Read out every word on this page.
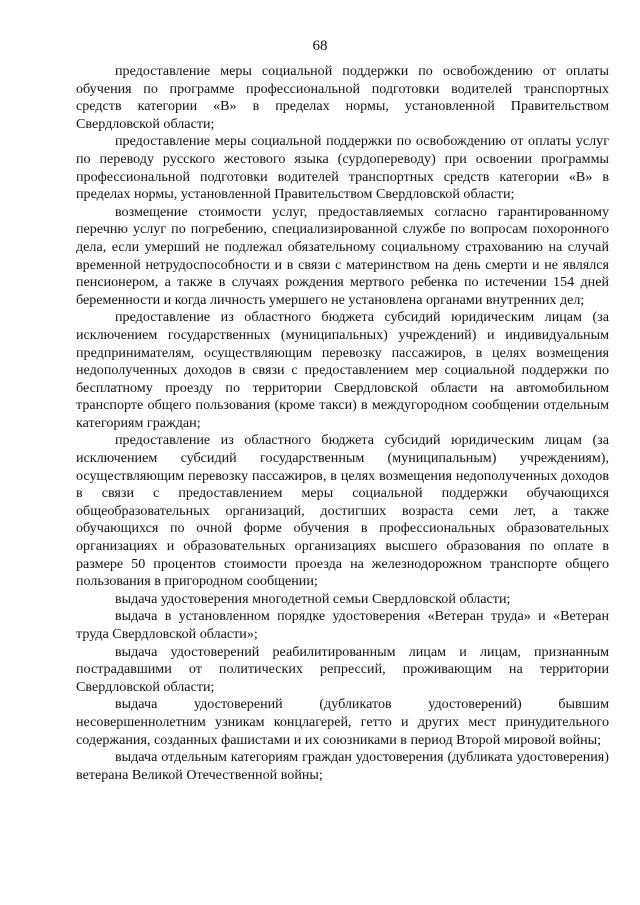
68

предоставление меры социальной поддержки по освобождению от оплаты обучения по программе профессиональной подготовки водителей транспортных средств категории «В» в пределах нормы, установленной Правительством Свердловской области;

предоставление меры социальной поддержки по освобождению от оплаты услуг по переводу русского жестового языка (сурдопереводу) при освоении программы профессиональной подготовки водителей транспортных средств категории «В» в пределах нормы, установленной Правительством Свердловской области;

возмещение стоимости услуг, предоставляемых согласно гарантированному перечню услуг по погребению, специализированной службе по вопросам похоронного дела, если умерший не подлежал обязательному социальному страхованию на случай временной нетрудоспособности и в связи с материнством на день смерти и не являлся пенсионером, а также в случаях рождения мертвого ребенка по истечении 154 дней беременности и когда личность умершего не установлена органами внутренних дел;

предоставление из областного бюджета субсидий юридическим лицам (за исключением государственных (муниципальных) учреждений) и индивидуальным предпринимателям, осуществляющим перевозку пассажиров, в целях возмещения недополученных доходов в связи с предоставлением мер социальной поддержки по бесплатному проезду по территории Свердловской области на автомобильном транспорте общего пользования (кроме такси) в междугородном сообщении отдельным категориям граждан;

предоставление из областного бюджета субсидий юридическим лицам (за исключением субсидий государственным (муниципальным) учреждениям), осуществляющим перевозку пассажиров, в целях возмещения недополученных доходов в связи с предоставлением меры социальной поддержки обучающихся общеобразовательных организаций, достигших возраста семи лет, а также обучающихся по очной форме обучения в профессиональных образовательных организациях и образовательных организациях высшего образования по оплате в размере 50 процентов стоимости проезда на железнодорожном транспорте общего пользования в пригородном сообщении;

выдача удостоверения многодетной семьи Свердловской области;

выдача в установленном порядке удостоверения «Ветеран труда» и «Ветеран труда Свердловской области»;

выдача удостоверений реабилитированным лицам и лицам, признанным пострадавшими от политических репрессий, проживающим на территории Свердловской области;

выдача удостоверений (дубликатов удостоверений) бывшим несовершеннолетним узникам концлагерей, гетто и других мест принудительного содержания, созданных фашистами и их союзниками в период Второй мировой войны;

выдача отдельным категориям граждан удостоверения (дубликата удостоверения) ветерана Великой Отечественной войны;
